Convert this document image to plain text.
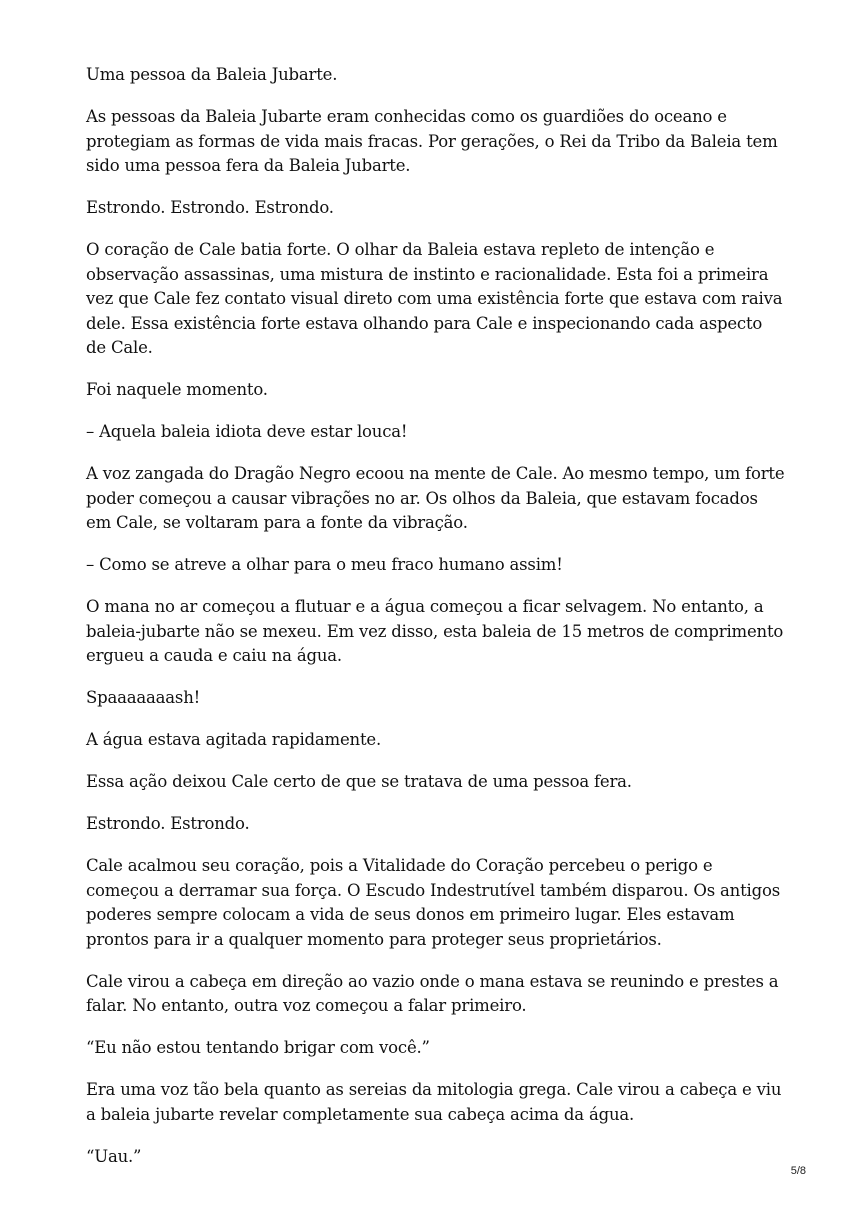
Uma pessoa da Baleia Jubarte.

As pessoas da Baleia Jubarte eram conhecidas como os guardiões do oceano e protegiam as formas de vida mais fracas. Por gerações, o Rei da Tribo da Baleia tem sido uma pessoa fera da Baleia Jubarte.

Estrondo. Estrondo. Estrondo.

O coração de Cale batia forte. O olhar da Baleia estava repleto de intenção e observação assassinas, uma mistura de instinto e racionalidade. Esta foi a primeira vez que Cale fez contato visual direto com uma existência forte que estava com raiva dele. Essa existência forte estava olhando para Cale e inspecionando cada aspecto de Cale.

Foi naquele momento.

– Aquela baleia idiota deve estar louca!

A voz zangada do Dragão Negro ecoou na mente de Cale. Ao mesmo tempo, um forte poder começou a causar vibrações no ar. Os olhos da Baleia, que estavam focados em Cale, se voltaram para a fonte da vibração.

– Como se atreve a olhar para o meu fraco humano assim!

O mana no ar começou a flutuar e a água começou a ficar selvagem. No entanto, a baleia-jubarte não se mexeu. Em vez disso, esta baleia de 15 metros de comprimento ergueu a cauda e caiu na água.

Spaaaaaaash!

A água estava agitada rapidamente.

Essa ação deixou Cale certo de que se tratava de uma pessoa fera.

Estrondo. Estrondo.

Cale acalmou seu coração, pois a Vitalidade do Coração percebeu o perigo e começou a derramar sua força. O Escudo Indestrutível também disparou. Os antigos poderes sempre colocam a vida de seus donos em primeiro lugar. Eles estavam prontos para ir a qualquer momento para proteger seus proprietários.

Cale virou a cabeça em direção ao vazio onde o mana estava se reunindo e prestes a falar. No entanto, outra voz começou a falar primeiro.

“Eu não estou tentando brigar com você.”

Era uma voz tão bela quanto as sereias da mitologia grega. Cale virou a cabeça e viu a baleia jubarte revelar completamente sua cabeça acima da água.

“Uau.”

5/8
